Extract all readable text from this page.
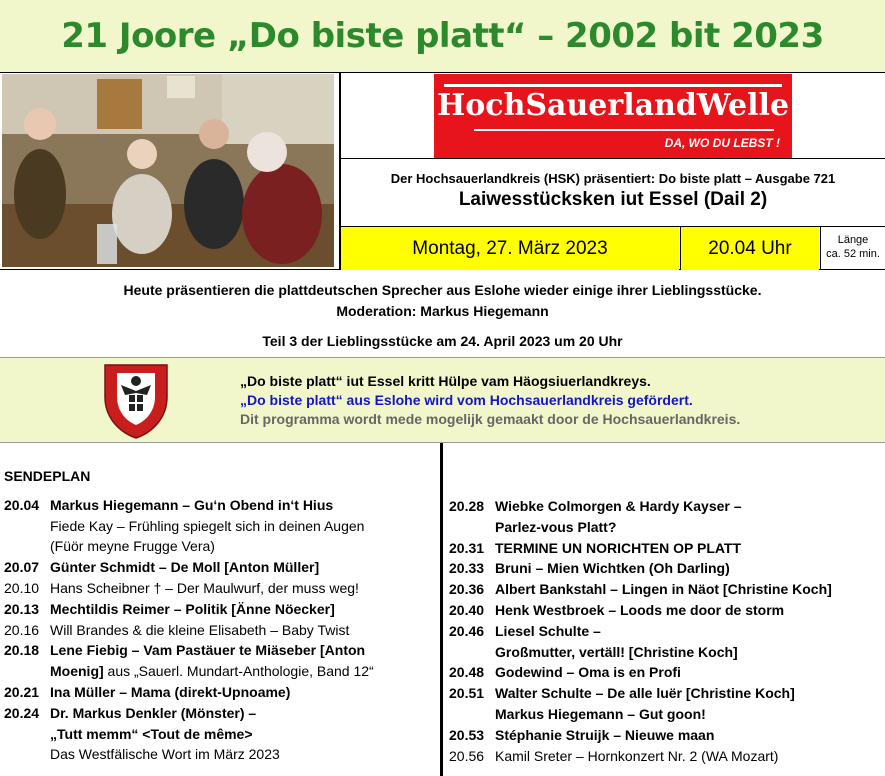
21 Joore „Do biste platt“ – 2002 bit 2023
HochSauerlandWelle
DA, WO DU LEBST !
Der Hochsauerlandkreis (HSK) präsentiert: Do biste platt – Ausgabe 721
Laiwesstücksken iut Essel (Dail 2)
Montag, 27. März 2023	20.04 Uhr	Länge
ca. 52 min.
Heute präsentieren die plattdeutschen Sprecher aus Eslohe wieder einige ihrer Lieblingsstücke.
Moderation: Markus Hiegemann
Teil 3 der Lieblingsstücke am 24. April 2023 um 20 Uhr
„Do biste platt“ iut Essel kritt Hülpe vam Häogsiuerlandkreys.
„Do biste platt“ aus Eslohe wird vom Hochsauerlandkreis gefördert.
Dit programma wordt mede mogelijk gemaakt door de Hochsauerlandkreis.
SENDEPLAN
20.04 Markus Hiegemann – Gu‘n Obend in‘t Hius
Fiede Kay – Frühling spiegelt sich in deinen Augen
(Füör meyne Frugge Vera)
20.07 Günter Schmidt – De Moll [Anton Müller]
20.10 Hans Scheibner † – Der Maulwurf, der muss weg!
20.13 Mechtildis Reimer – Politik [Änne Nöecker]
20.16 Will Brandes & die kleine Elisabeth – Baby Twist
20.18 Lene Fiebig – Vam Pastäuer te Miäseber [Anton
Moenig] aus „Sauerl. Mundart-Anthologie, Band 12“
20.21 Ina Müller – Mama (direkt-Upnoame)
20.24 Dr. Markus Denkler (Mönster) –
„Tutt memm“ <Tout de même>
Das Westfälische Wort im März 2023
20.28 Wiebke Colmorgen & Hardy Kayser –
Parlez-vous Platt?
20.31 TERMINE UN NORICHTEN OP PLATT
20.33 Bruni – Mien Wichtken (Oh Darling)
20.36 Albert Bankstahl – Lingen in Näot [Christine Koch]
20.40 Henk Westbroek – Loods me door de storm
20.46 Liesel Schulte –
Großmutter, vertäll! [Christine Koch]
20.48 Godewind – Oma is en Profi
20.51 Walter Schulte – De alle luër [Christine Koch]
Markus Hiegemann – Gut goon!
20.53 Stéphanie Struijk – Nieuwe maan
20.56 Kamil Sreter – Hornkonzert Nr. 2 (WA Mozart)
